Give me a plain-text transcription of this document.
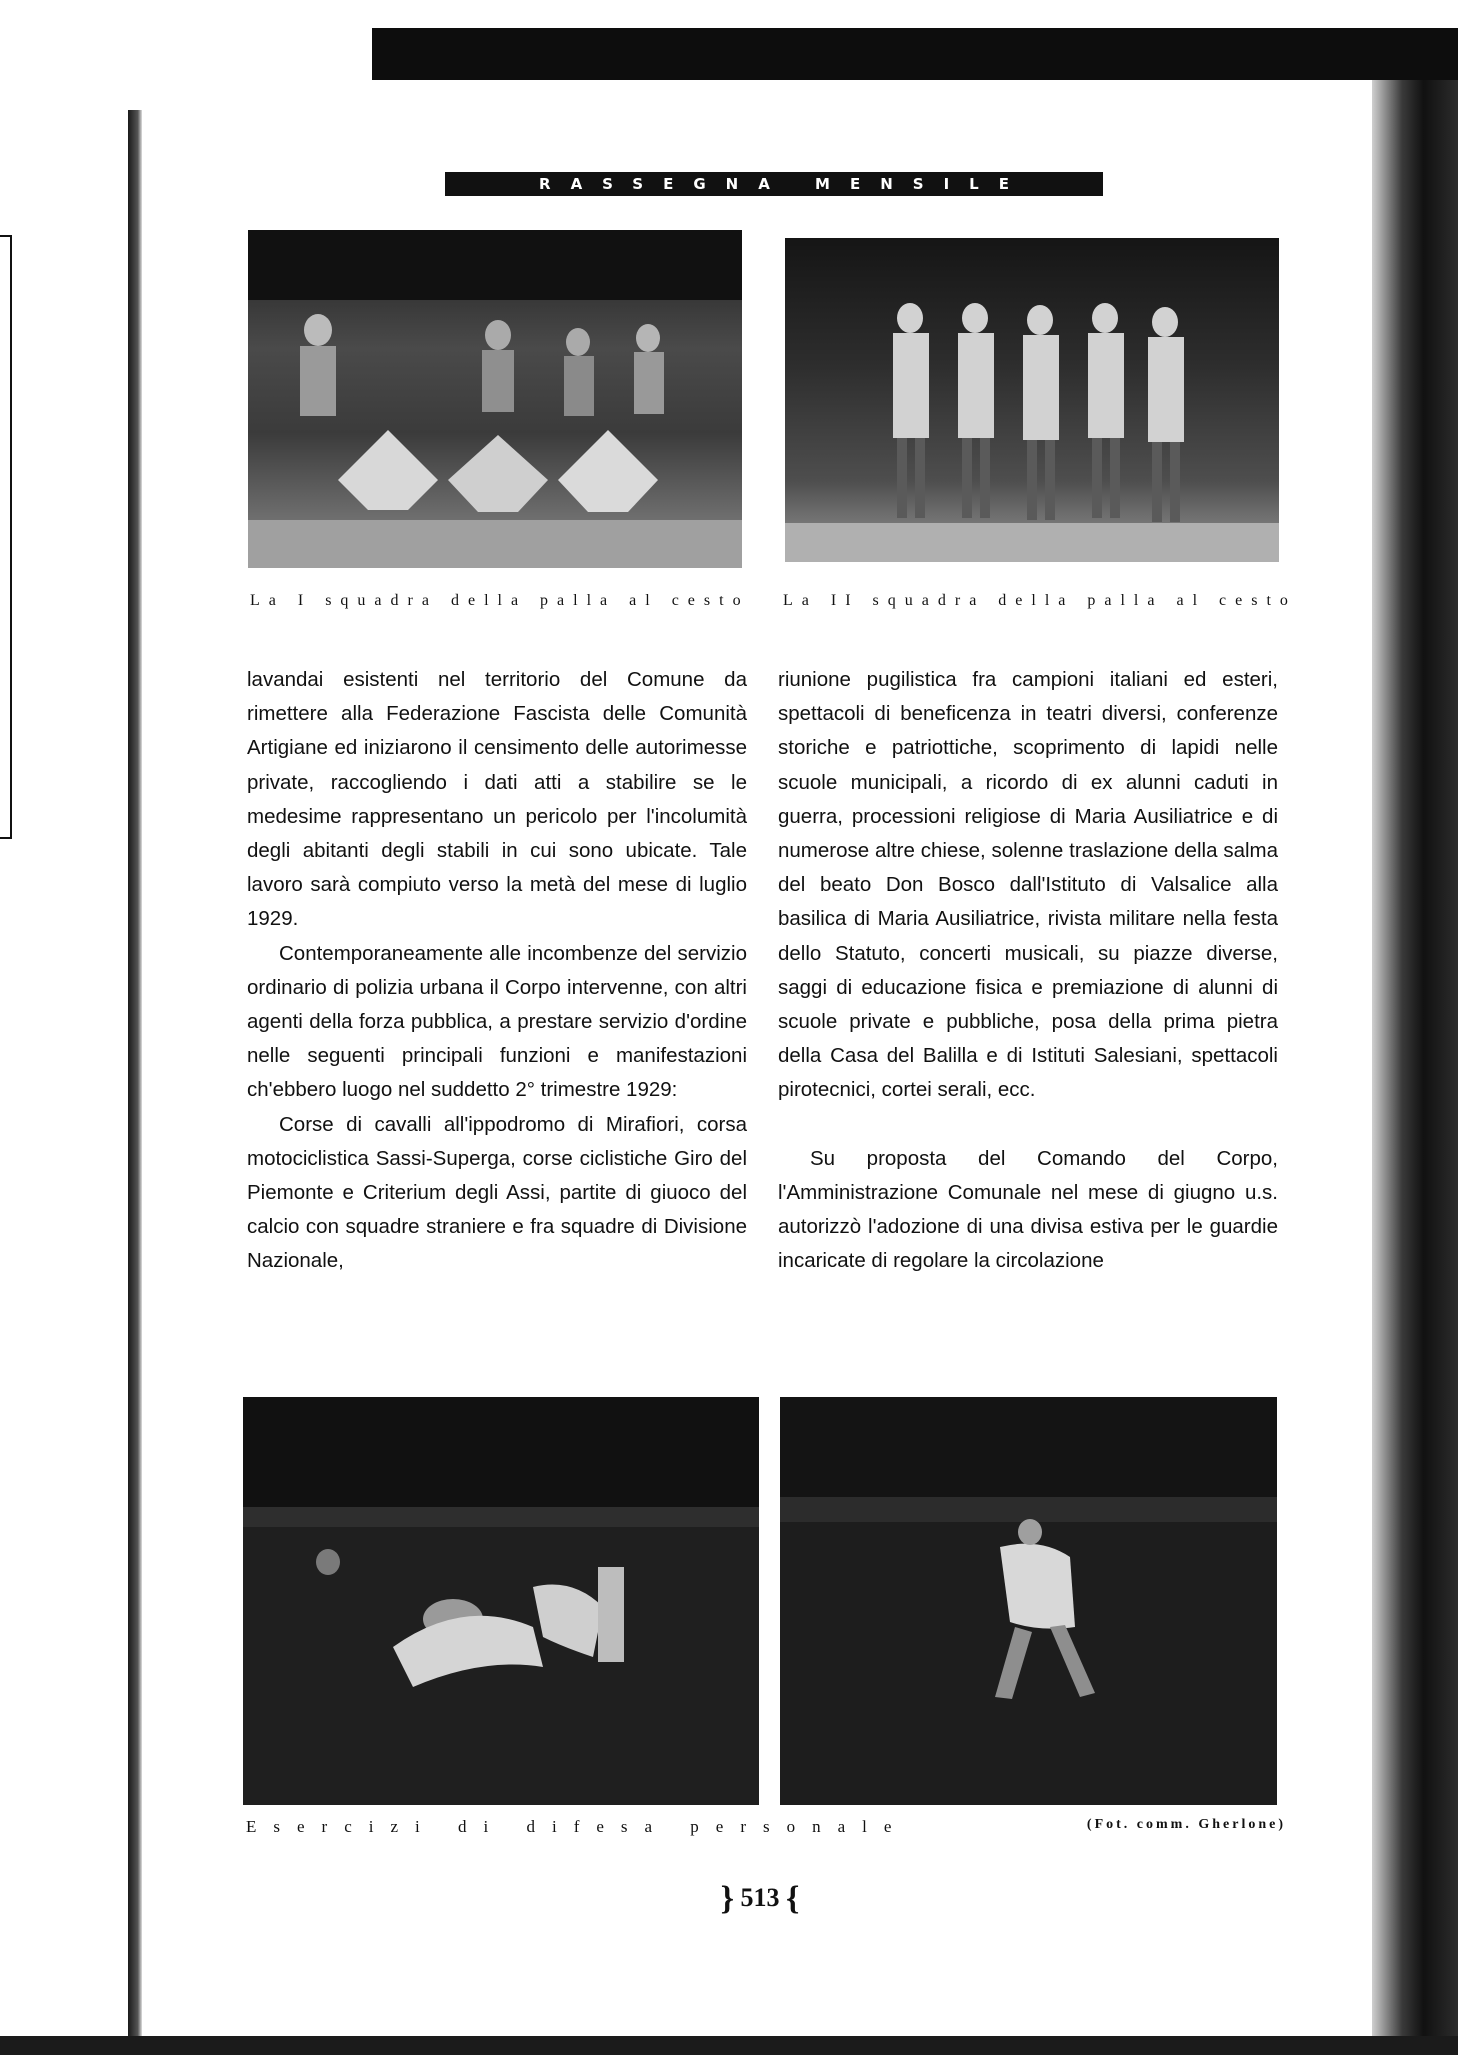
RASSEGNA MENSILE
La I squadra della palla al cesto La II squadra della palla al cesto

lavandai esistenti nel territorio del Comune da rimettere alla Federazione Fascista delle Comunità Artigiane ed iniziarono il censimento delle autorimesse private, raccogliendo i dati atti a stabilire se le medesime rappresentano un pericolo per l'incolumità degli abitanti degli stabili in cui sono ubicate. Tale lavoro sarà compiuto verso la metà del mese di luglio 1929.

Contemporaneamente alle incombenze del servizio ordinario di polizia urbana il Corpo intervenne, con altri agenti della forza pubblica, a prestare servizio d'ordine nelle seguenti principali funzioni e manifestazioni ch'ebbero luogo nel suddetto 2° trimestre 1929:

Corse di cavalli all'ippodromo di Mirafiori, corsa motociclistica Sassi-Superga, corse ciclistiche Giro del Piemonte e Criterium degli Assi, partite di giuoco del calcio con squadre straniere e fra squadre di Divisione Nazionale,

riunione pugilistica fra campioni italiani ed esteri, spettacoli di beneficenza in teatri diversi, conferenze storiche e patriottiche, scoprimento di lapidi nelle scuole municipali, a ricordo di ex alunni caduti in guerra, processioni religiose di Maria Ausiliatrice e di numerose altre chiese, solenne traslazione della salma del beato Don Bosco dall'Istituto di Valsalice alla basilica di Maria Ausiliatrice, rivista militare nella festa dello Statuto, concerti musicali, su piazze diverse, saggi di educazione fisica e premiazione di alunni di scuole private e pubbliche, posa della prima pietra della Casa del Balilla e di Istituti Salesiani, spettacoli pirotecnici, cortei serali, ecc.

Su proposta del Comando del Corpo, l'Amministrazione Comunale nel mese di giugno u.s. autorizzò l'adozione di una divisa estiva per le guardie incaricate di regolare la circolazione

Esercizi di difesa personale	(Fot. comm. Gherlone)
} 513 {
